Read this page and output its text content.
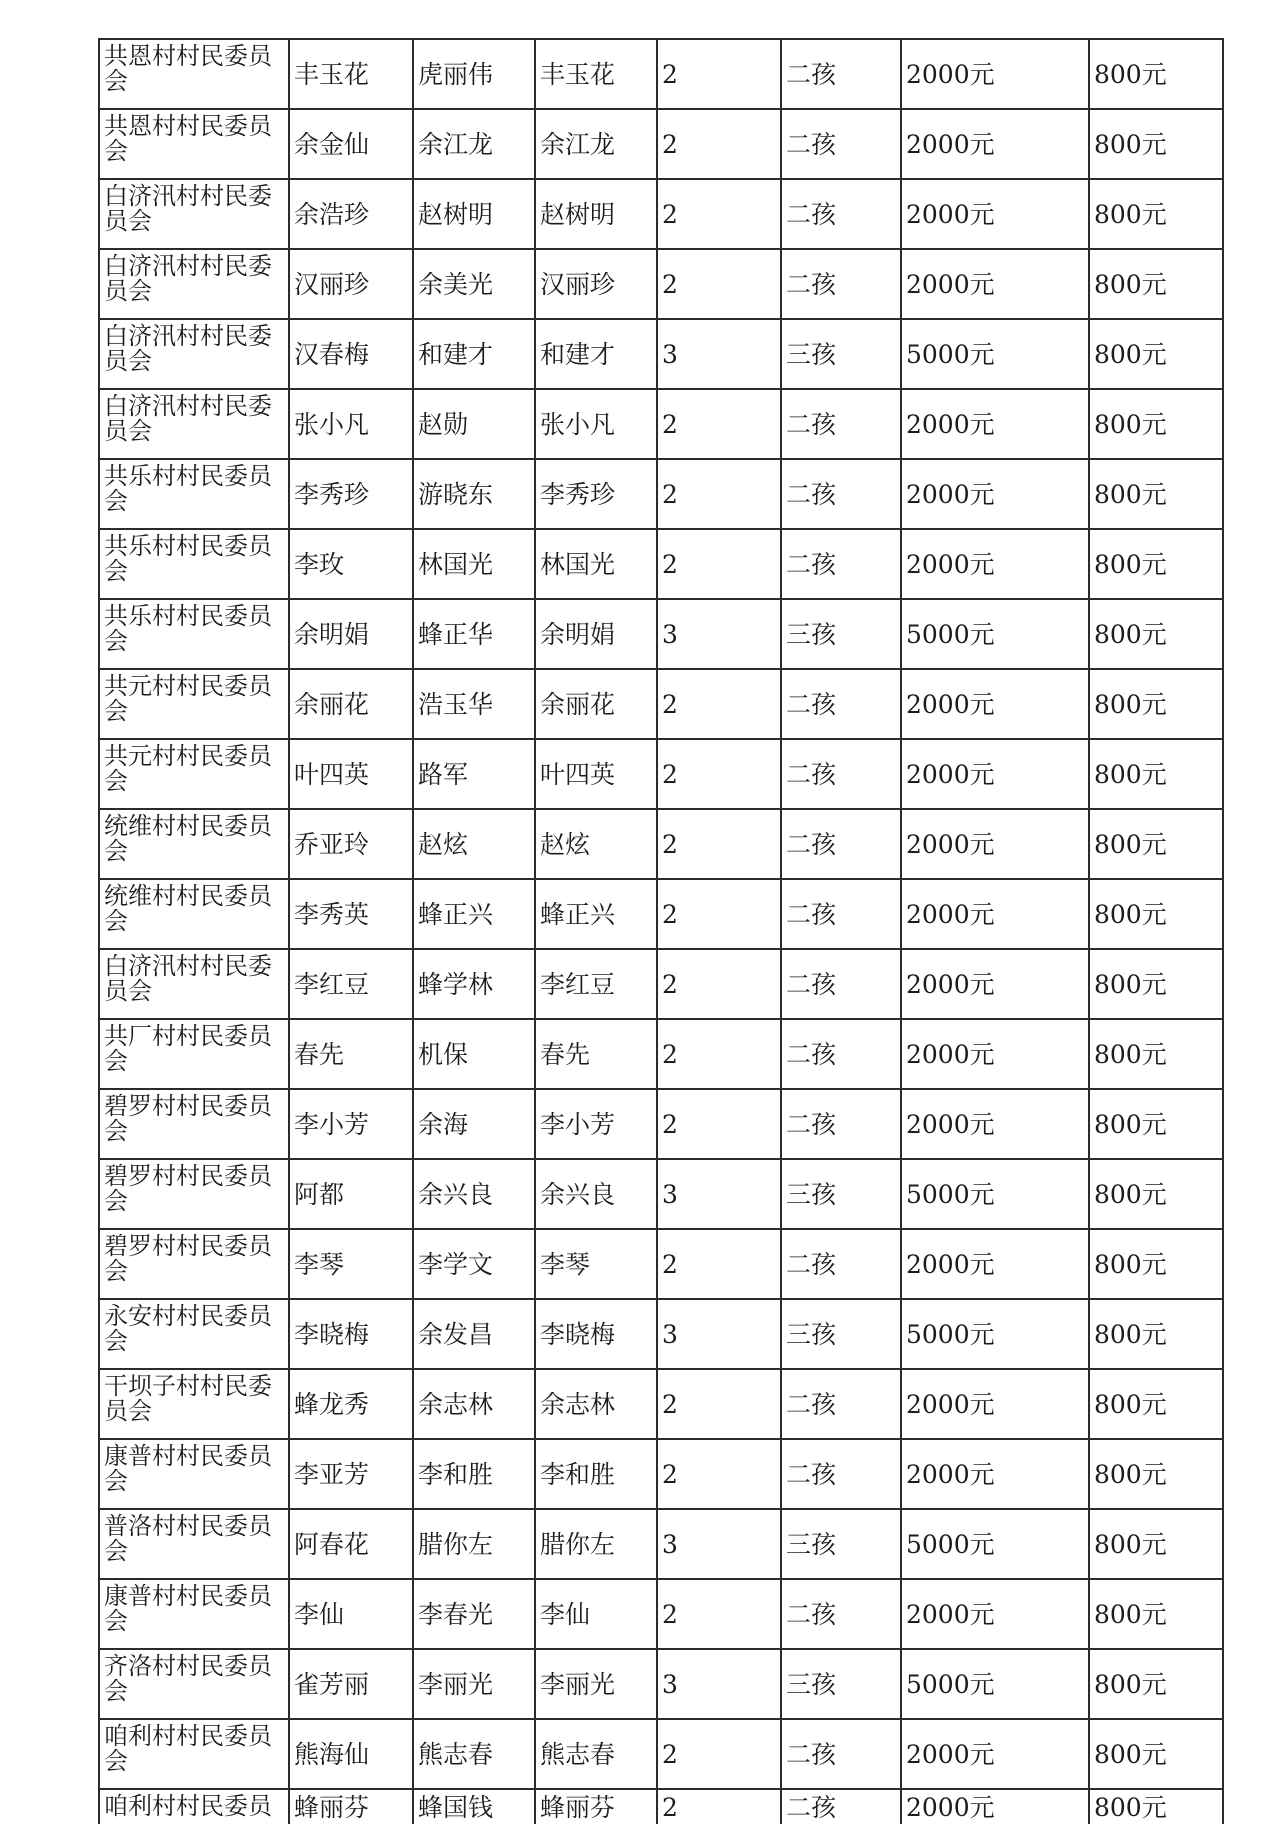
共恩村村民委员会	丰玉花	虎丽伟	丰玉花	2	二孩	2000元	800元
共恩村村民委员会	余金仙	余江龙	余江龙	2	二孩	2000元	800元
白济汛村村民委员会	余浩珍	赵树明	赵树明	2	二孩	2000元	800元
白济汛村村民委员会	汉丽珍	余美光	汉丽珍	2	二孩	2000元	800元
白济汛村村民委员会	汉春梅	和建才	和建才	3	三孩	5000元	800元
白济汛村村民委员会	张小凡	赵勋	张小凡	2	二孩	2000元	800元
共乐村村民委员会	李秀珍	游晓东	李秀珍	2	二孩	2000元	800元
共乐村村民委员会	李玫	林国光	林国光	2	二孩	2000元	800元
共乐村村民委员会	余明娟	蜂正华	余明娟	3	三孩	5000元	800元
共元村村民委员会	余丽花	浩玉华	余丽花	2	二孩	2000元	800元
共元村村民委员会	叶四英	路军	叶四英	2	二孩	2000元	800元
统维村村民委员会	乔亚玲	赵炫	赵炫	2	二孩	2000元	800元
统维村村民委员会	李秀英	蜂正兴	蜂正兴	2	二孩	2000元	800元
白济汛村村民委员会	李红豆	蜂学林	李红豆	2	二孩	2000元	800元
共厂村村民委员会	春先	机保	春先	2	二孩	2000元	800元
碧罗村村民委员会	李小芳	余海	李小芳	2	二孩	2000元	800元
碧罗村村民委员会	阿都	余兴良	余兴良	3	三孩	5000元	800元
碧罗村村民委员会	李琴	李学文	李琴	2	二孩	2000元	800元
永安村村民委员会	李晓梅	余发昌	李晓梅	3	三孩	5000元	800元
干坝子村村民委员会	蜂龙秀	余志林	余志林	2	二孩	2000元	800元
康普村村民委员会	李亚芳	李和胜	李和胜	2	二孩	2000元	800元
普洛村村民委员会	阿春花	腊你左	腊你左	3	三孩	5000元	800元
康普村村民委员会	李仙	李春光	李仙	2	二孩	2000元	800元
齐洛村村民委员会	雀芳丽	李丽光	李丽光	3	三孩	5000元	800元
咱利村村民委员会	熊海仙	熊志春	熊志春	2	二孩	2000元	800元
咱利村村民委员	蜂丽芬	蜂国钱	蜂丽芬	2	二孩	2000元	800元
